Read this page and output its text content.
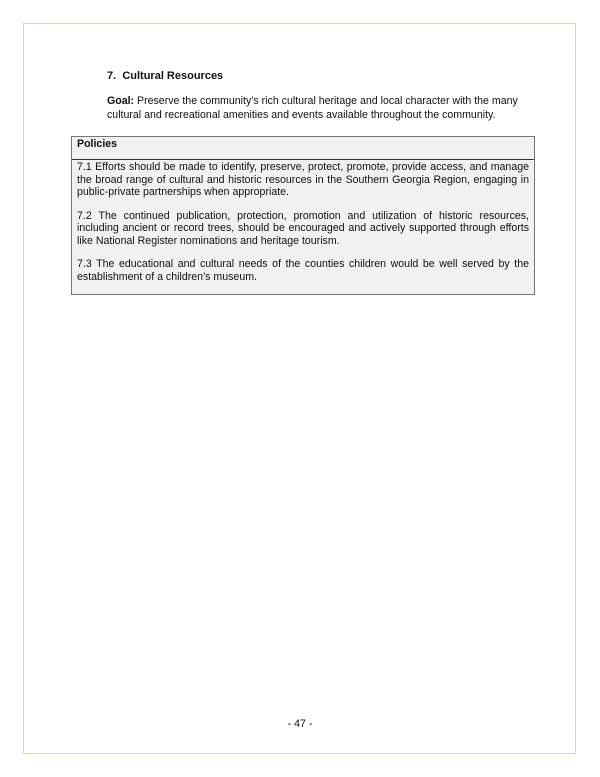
7. Cultural Resources
Goal: Preserve the community’s rich cultural heritage and local character with the many cultural and recreational amenities and events available throughout the community.
Policies

7.1 Efforts should be made to identify, preserve, protect, promote, provide access, and manage the broad range of cultural and historic resources in the Southern Georgia Region, engaging in public-private partnerships when appropriate.

7.2 The continued publication, protection, promotion and utilization of historic resources, including ancient or record trees, should be encouraged and actively supported through efforts like National Register nominations and heritage tourism.

7.3 The educational and cultural needs of the counties children would be well served by the establishment of a children’s museum.

- 47 -
